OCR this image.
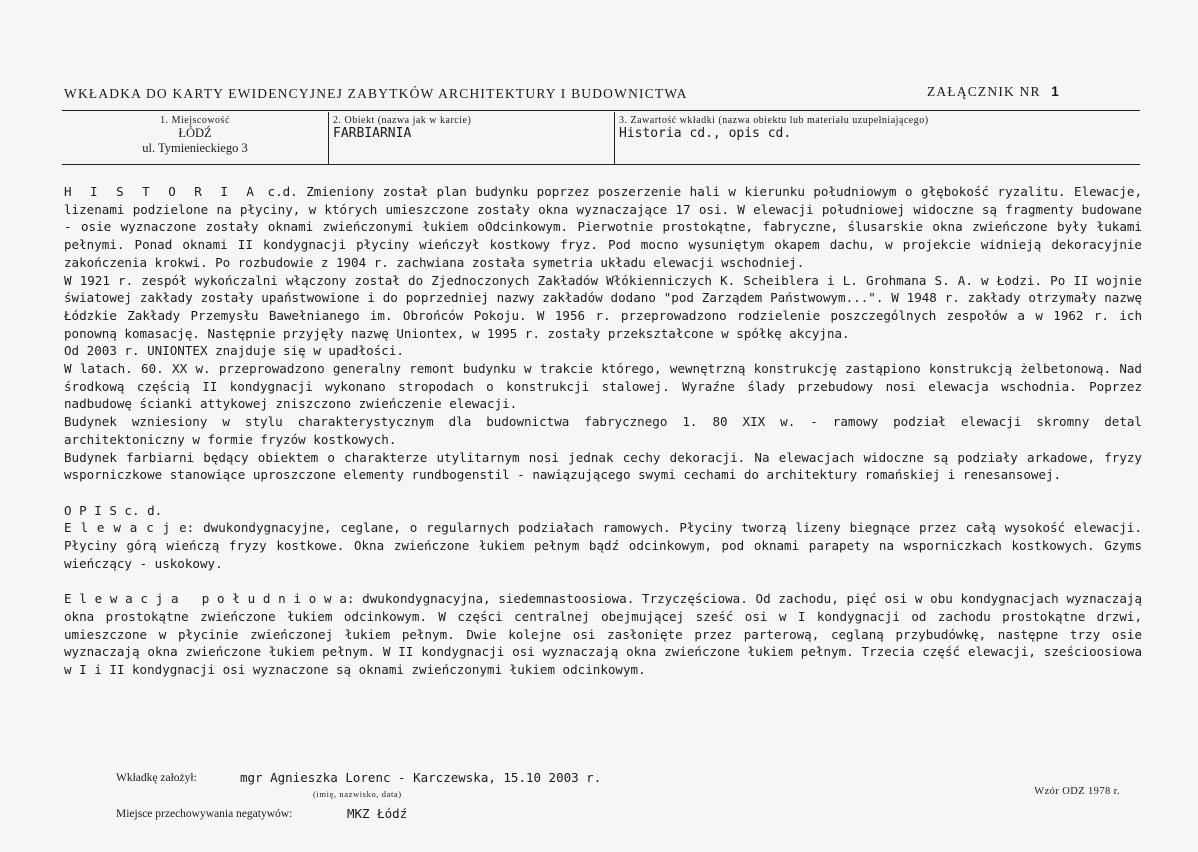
WKŁADKA DO KARTY EWIDENCYJNEJ ZABYTKÓW ARCHITEKTURY I BUDOWNICTWA	ZAŁĄCZNIK NR 1
1. Miejscowość
ŁÓDŹ
ul. Tymienieckiego 3
2. Obiekt (nazwa jak w karcie)
FARBIARNIA
3. Zawartość wkładki (nazwa obiektu lub materiału uzupełniającego)
Historia cd., opis cd.

H I S T O R I A c.d. Zmieniony został plan budynku poprzez poszerzenie hali w kierunku południowym o głębokość ryzalitu. Elewacje, lizenami podzielone na płyciny, w których umieszczone zostały okna wyznaczające 17 osi. W elewacji południowej widoczne są fragmenty budowane - osie wyznaczone zostały oknami zwieńczonymi łukiem oOdcinkowym. Pierwotnie prostokątne, fabryczne, ślusarskie okna zwieńczone były łukami pełnymi. Ponad oknami II kondygnacji płyciny wieńczył kostkowy fryz. Pod mocno wysuniętym okapem dachu, w projekcie widnieją dekoracyjnie zakończenia krokwi. Po rozbudowie z 1904 r. zachwiana została symetria układu elewacji wschodniej.

W 1921 r. zespół wykończalni włączony został do Zjednoczonych Zakładów Włókienniczych K. Scheiblera i L. Grohmana S. A. w Łodzi. Po II wojnie światowej zakłady zostały upaństwowione i do poprzedniej nazwy zakładów dodano "pod Zarządem Państwowym...". W 1948 r. zakłady otrzymały nazwę Łódzkie Zakłady Przemysłu Bawełnianego im. Obrońców Pokoju. W 1956 r. przeprowadzono rodzielenie poszczególnych zespołów a w 1962 r. ich ponowną komasację. Następnie przyjęły nazwę Uniontex, w 1995 r. zostały przekształcone w spółkę akcyjna.

Od 2003 r. UNIONTEX znajduje się w upadłości.

W latach. 60. XX w. przeprowadzono generalny remont budynku w trakcie którego, wewnętrzną konstrukcję zastąpiono konstrukcją żelbetonową. Nad środkową częścią II kondygnacji wykonano stropodach o konstrukcji stalowej. Wyraźne ślady przebudowy nosi elewacja wschodnia. Poprzez nadbudowę ścianki attykowej zniszczono zwieńczenie elewacji.

Budynek wzniesiony w stylu charakterystycznym dla budownictwa fabrycznego 1. 80 XIX w. - ramowy podział elewacji skromny detal architektoniczny w formie fryzów kostkowych.

Budynek farbiarni będący obiektem o charakterze utylitarnym nosi jednak cechy dekoracji. Na elewacjach widoczne są podziały arkadowe, fryzy wsporniczkowe stanowiące uproszczone elementy rundbogenstil - nawiązującego swymi cechami do architektury romańskiej i renesansowej.

O P I S c. d.

E l e w a c j e: dwukondygnacyjne, ceglane, o regularnych podziałach ramowych. Płyciny tworzą lizeny biegnące przez całą wysokość elewacji. Płyciny górą wieńczą fryzy kostkowe. Okna zwieńczone łukiem pełnym bądź odcinkowym, pod oknami parapety na wsporniczkach kostkowych. Gzyms wieńczący - uskokowy.

E l e w a c j a   p o ł u d n i o w a: dwukondygnacyjna, siedemnastoosiowa. Trzyczęściowa. Od zachodu, pięć osi w obu kondygnacjach wyznaczają okna prostokątne zwieńczone łukiem odcinkowym. W części centralnej obejmującej sześć osi w I kondygnacji od zachodu prostokątne drzwi, umieszczone w płycinie zwieńczonej łukiem pełnym. Dwie kolejne osi zasłonięte przez parterową, ceglaną przybudówkę, następne trzy osie wyznaczają okna zwieńczone łukiem pełnym. W II kondygnacji osi wyznaczają okna zwieńczone łukiem pełnym. Trzecia część elewacji, sześcioosiowa w I i II kondygnacji osi wyznaczone są oknami zwieńczonymi łukiem odcinkowym.

Wkładkę założył:	mgr Agnieszka Lorenc - Karczewska, 15.10 2003 r.
(imię, nazwisko, data)
Miejsce przechowywania negatywów:	MKZ Łódź
Wzór ODZ 1978 r.
